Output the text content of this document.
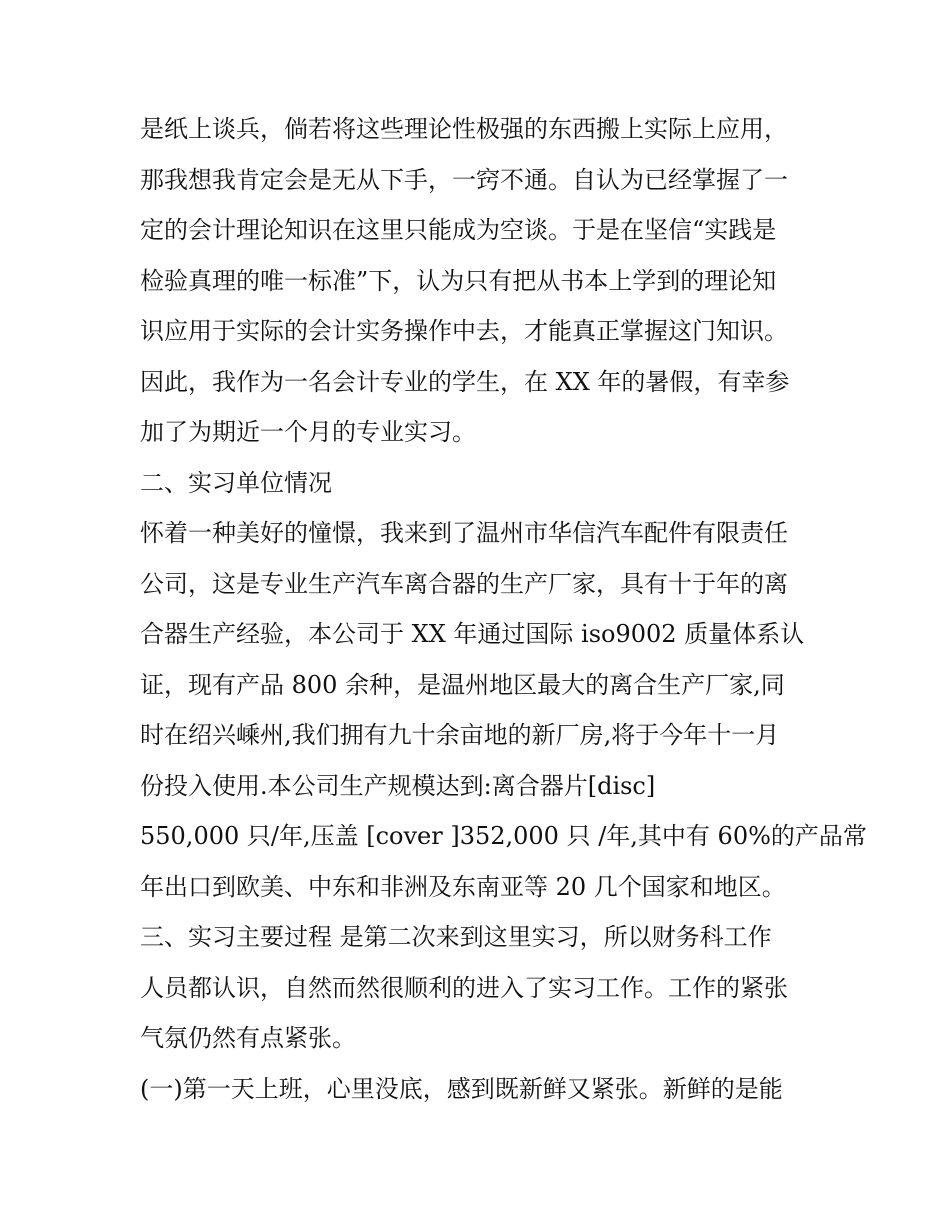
是纸上谈兵，倘若将这些理论性极强的东西搬上实际上应用，
那我想我肯定会是无从下手，一窍不通。自认为已经掌握了一
定的会计理论知识在这里只能成为空谈。于是在坚信“实践是
检验真理的唯一标准”下，认为只有把从书本上学到的理论知
识应用于实际的会计实务操作中去，才能真正掌握这门知识。
因此，我作为一名会计专业的学生，在 XX 年的暑假，有幸参
加了为期近一个月的专业实习。
二、实习单位情况
怀着一种美好的憧憬，我来到了温州市华信汽车配件有限责任
公司，这是专业生产汽车离合器的生产厂家，具有十于年的离
合器生产经验，本公司于 XX 年通过国际 iso9002 质量体系认
证，现有产品 800 余种，是温州地区最大的离合生产厂家,同
时在绍兴嵊州,我们拥有九十余亩地的新厂房,将于今年十一月
份投入使用.本公司生产规模达到:离合器片[disc]
550,000 只/年,压盖 [cover ]352,000 只 /年,其中有 60%的产品常
年出口到欧美、中东和非洲及东南亚等 20 几个国家和地区。
三、实习主要过程 是第二次来到这里实习，所以财务科工作
人员都认识，自然而然很顺利的进入了实习工作。工作的紧张
气氛仍然有点紧张。
(一)第一天上班，心里没底，感到既新鲜又紧张。新鲜的是能
